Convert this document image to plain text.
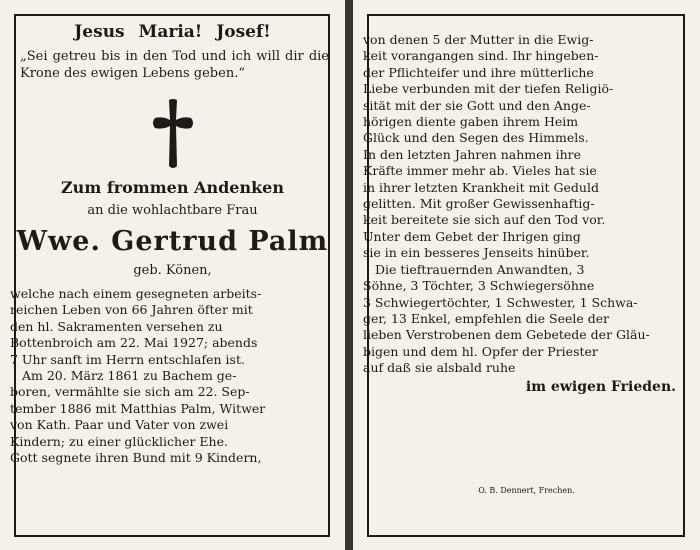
Jesus Maria! Josef!
„Sei getreu bis in den Tod und ich will dir die Krone des ewigen Lebens geben.“
Zum frommen Andenken
an die wohlachtbare Frau
Wwe. Gertrud Palm
geb. Könen,
welche nach einem gesegneten arbeits-
reichen Leben von 66 Jahren öfter mit
den hl. Sakramenten versehen zu
Bottenbroich am 22. Mai 1927; abends
7 Uhr sanft im Herrn entschlafen ist.
Am 20. März 1861 zu Bachem ge-
boren, vermählte sie sich am 22. Sep-
tember 1886 mit Matthias Palm, Witwer
von Kath. Paar und Vater von zwei
Kindern; zu einer glücklicher Ehe.
Gott segnete ihren Bund mit 9 Kindern,
von denen 5 der Mutter in die Ewig-
keit vorangangen sind. Ihr hingeben-
der Pflichteifer und ihre mütterliche
Liebe verbunden mit der tiefen Religiö-
sität mit der sie Gott und den Ange-
hörigen diente gaben ihrem Heim
Glück und den Segen des Himmels.
In den letzten Jahren nahmen ihre
Kräfte immer mehr ab. Vieles hat sie
in ihrer letzten Krankheit mit Geduld
gelitten. Mit großer Gewissenhaftig-
keit bereitete sie sich auf den Tod vor.
Unter dem Gebet der Ihrigen ging
sie in ein besseres Jenseits hinüber.
Die tieftrauernden Anwandten, 3
Söhne, 3 Töchter, 3 Schwiegersöhne
3 Schwiegertöchter, 1 Schwester, 1 Schwa-
ger, 13 Enkel, empfehlen die Seele der
lieben Verstrobenen dem Gebetede der Gläu-
bigen und dem hl. Opfer der Priester
auf daß sie alsbald ruhe
im ewigen Frieden.
O. B. Dennert, Frechen.
